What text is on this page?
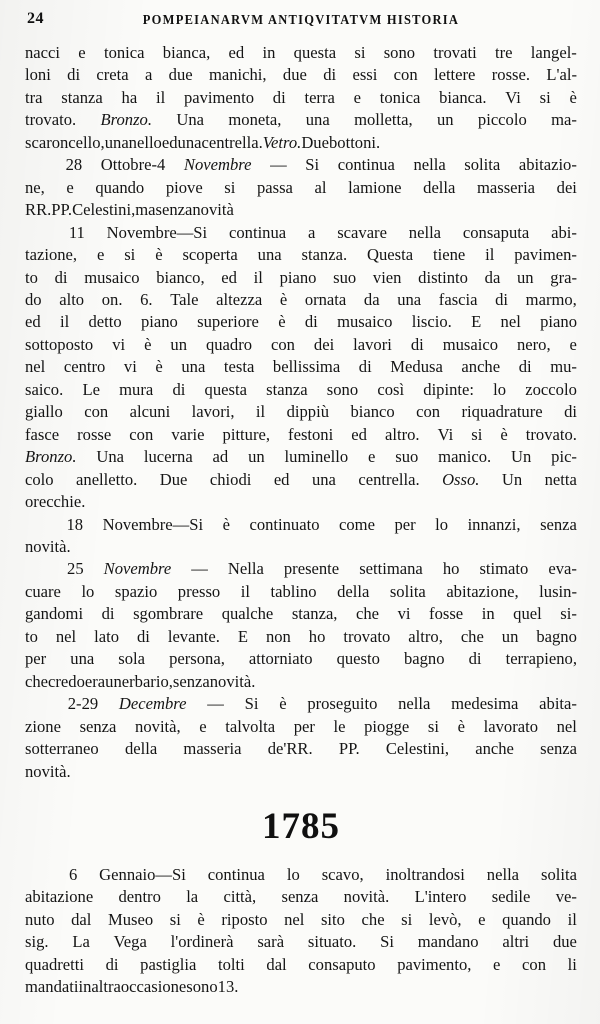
24	POMPEIANARVM ANTIQVITATVM HISTORIA
nacci e tonica bianca, ed in questa si sono trovati tre langel-
loni di creta a due manichi, due di essi con lettere rosse. L'al-
tra stanza ha il pavimento di terra e tonica bianca. Vi si è
trovato. Bronzo. Una moneta, una molletta, un piccolo ma-
scaroncello, un anello ed una centrella. Vetro. Due bottoni.
28 Ottobre-4 Novembre — Si continua nella solita abitazio-
ne, e quando piove si passa al lamione della masseria dei
RR. PP. Celestini, ma senza novità
11 Novembre—Si continua a scavare nella consaputa abi-
tazione, e si è scoperta una stanza. Questa tiene il pavimen-
to di musaico bianco, ed il piano suo vien distinto da un gra-
do alto on. 6. Tale altezza è ornata da una fascia di marmo,
ed il detto piano superiore è di musaico liscio. E nel piano
sottoposto vi è un quadro con dei lavori di musaico nero, e
nel centro vi è una testa bellissima di Medusa anche di mu-
saico. Le mura di questa stanza sono così dipinte: lo zoccolo
giallo con alcuni lavori, il dippiù bianco con riquadrature di
fasce rosse con varie pitture, festoni ed altro. Vi si è trovato.
Bronzo. Una lucerna ad un luminello e suo manico. Un pic-
colo anelletto. Due chiodi ed una centrella. Osso. Un netta
orecchie.
18 Novembre—Si è continuato come per lo innanzi, senza
novità.
25 Novembre — Nella presente settimana ho stimato eva-
cuare lo spazio presso il tablino della solita abitazione, lusin-
gandomi di sgombrare qualche stanza, che vi fosse in quel si-
to nel lato di levante. E non ho trovato altro, che un bagno
per una sola persona, attorniato questo bagno di terrapieno,
che credo era un erbario, senza novità.
2-29 Decembre — Si è proseguito nella medesima abita-
zione senza novità, e talvolta per le piogge si è lavorato nel
sotterraneo della masseria de'RR. PP. Celestini, anche senza
novità.
1785
6 Gennaio—Si continua lo scavo, inoltrandosi nella solita
abitazione dentro la città, senza novità. L'intero sedile ve-
nuto dal Museo si è riposto nel sito che si levò, e quando il
sig. La Vega l'ordinerà sarà situato. Si mandano altri due
quadretti di pastiglia tolti dal consaputo pavimento, e con li
mandati in altra occasione sono 13.
